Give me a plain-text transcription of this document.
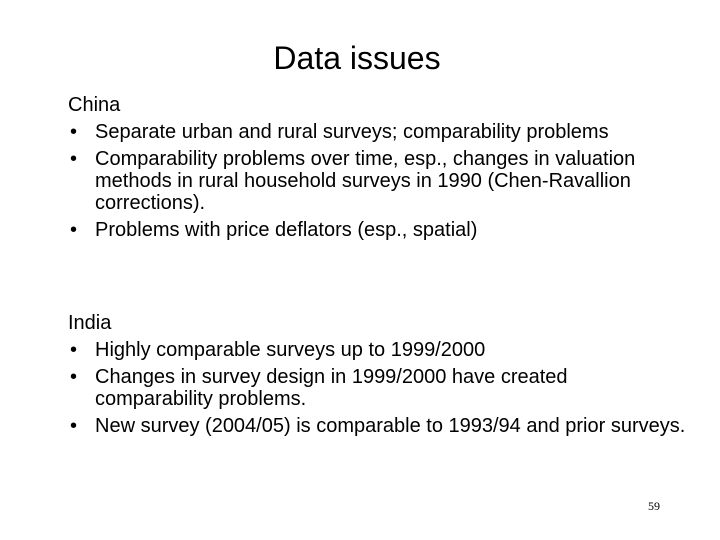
Data issues
China
• Separate urban and rural surveys; comparability problems
• Comparability problems over time, esp., changes in valuation methods in rural household surveys in 1990 (Chen-Ravallion corrections).
• Problems with price deflators (esp., spatial)
India
• Highly comparable surveys up to 1999/2000
• Changes in survey design in 1999/2000 have created comparability problems.
• New survey (2004/05) is comparable to 1993/94 and prior surveys.
59
